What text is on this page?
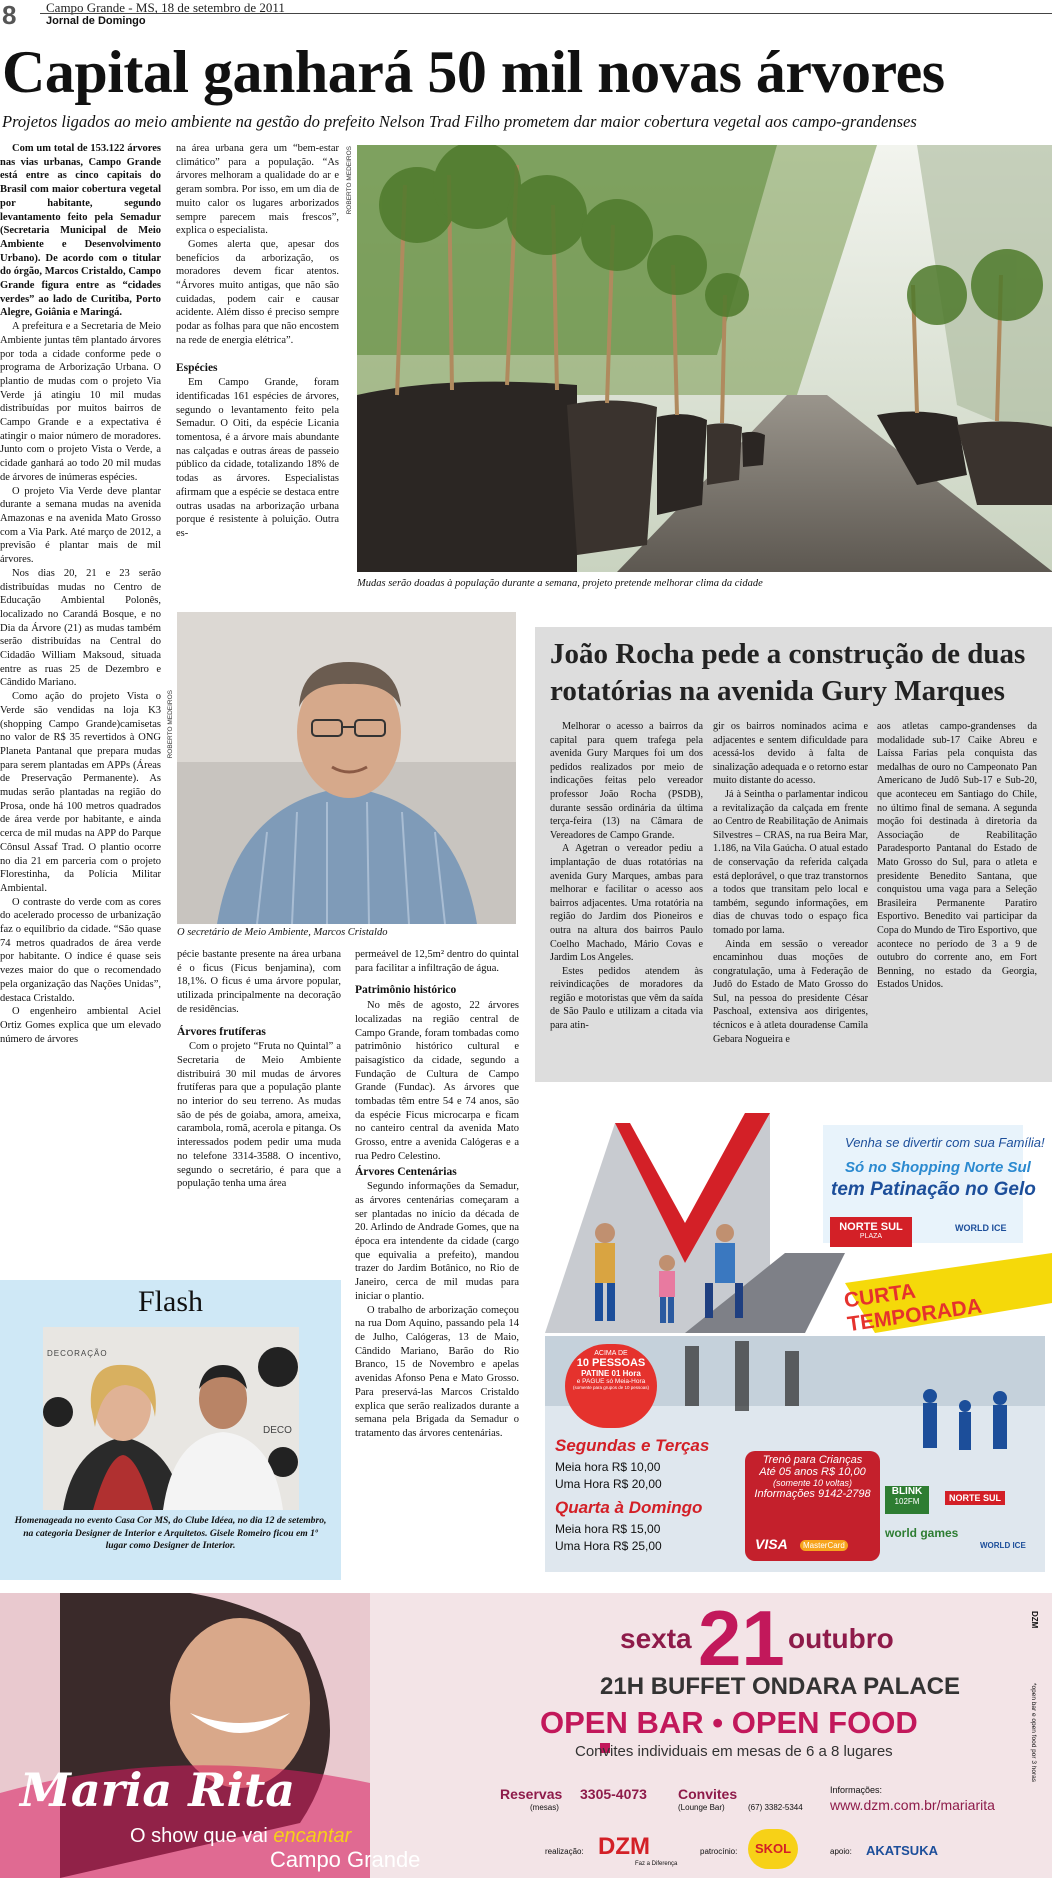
8 Campo Grande - MS, 18 de setembro de 2011
Jornal de Domingo
Capital ganhará 50 mil novas árvores
Projetos ligados ao meio ambiente na gestão do prefeito Nelson Trad Filho prometem dar maior cobertura vegetal aos campo-grandenses

Com um total de 153.122 árvores nas vias urbanas, Campo Grande está entre as cinco capitais do Brasil com maior cobertura vegetal por habitante, segundo levantamento feito pela Semadur (Secretaria Municipal de Meio Ambiente e Desenvolvimento Urbano). De acordo com o titular do órgão, Marcos Cristaldo, Campo Grande figura entre as “cidades verdes” ao lado de Curitiba, Porto Alegre, Goiânia e Maringá.

A prefeitura e a Secretaria de Meio Ambiente juntas têm plantado árvores por toda a cidade conforme pede o programa de Arborização Urbana. O plantio de mudas com o projeto Via Verde já atingiu 10 mil mudas distribuídas por muitos bairros de Campo Grande e a expectativa é atingir o maior número de moradores. Junto com o projeto Vista o Verde, a cidade ganhará ao todo 20 mil mudas de árvores de inúmeras espécies.

O projeto Via Verde deve plantar durante a semana mudas na avenida Amazonas e na avenida Mato Grosso com a Via Park. Até março de 2012, a previsão é plantar mais de mil árvores.

Nos dias 20, 21 e 23 serão distribuídas mudas no Centro de Educação Ambiental Polonês, localizado no Carandá Bosque, e no Dia da Árvore (21) as mudas também serão distribuídas na Central do Cidadão William Maksoud, situada entre as ruas 25 de Dezembro e Cândido Mariano.

Como ação do projeto Vista o Verde são vendidas na loja K3 (shopping Campo Grande)camisetas no valor de R$ 35 revertidos à ONG Planeta Pantanal que prepara mudas para serem plantadas em APPs (Áreas de Preservação Permanente). As mudas serão plantadas na região do Prosa, onde há 100 metros quadrados de área verde por habitante, e ainda cerca de mil mudas na APP do Parque Cônsul Assaf Trad. O plantio ocorre no dia 21 em parceria com o projeto Florestinha, da Polícia Militar Ambiental.

O contraste do verde com as cores do acelerado processo de urbanização faz o equilíbrio da cidade. “São quase 74 metros quadrados de área verde por habitante. O índice é quase seis vezes maior do que o recomendado pela organização das Nações Unidas”, destaca Cristaldo.

O engenheiro ambiental Aciel Ortiz Gomes explica que um elevado número de árvores

na área urbana gera um “bem-estar climático” para a população. “As árvores melhoram a qualidade do ar e geram sombra. Por isso, em um dia de muito calor os lugares arborizados sempre parecem mais frescos”, explica o especialista.

Gomes alerta que, apesar dos benefícios da arborização, os moradores devem ficar atentos. “Árvores muito antigas, que não são cuidadas, podem cair e causar acidente. Além disso é preciso sempre podar as folhas para que não encostem na rede de energia elétrica”.

Espécies

Em Campo Grande, foram identificadas 161 espécies de árvores, segundo o levantamento feito pela Semadur. O Oiti, da espécie Licania tomentosa, é a árvore mais abundante nas calçadas e outras áreas de passeio público da cidade, totalizando 18% de todas as árvores. Especialistas afirmam que a espécie se destaca entre outras usadas na arborização urbana porque é resistente à poluição. Outra es-

ROBERTO MEDEIROS
Mudas serão doadas à população durante a semana, projeto pretende melhorar clima da cidade
ROBERTO MEDEIROS
O secretário de Meio Ambiente, Marcos Cristaldo

pécie bastante presente na área urbana é o ficus (Ficus benjamina), com 18,1%. O ficus é uma árvore popular, utilizada principalmente na decoração de residências.

Árvores frutíferas

Com o projeto “Fruta no Quintal” a Secretaria de Meio Ambiente distribuirá 30 mil mudas de árvores frutíferas para que a população plante no interior do seu terreno. As mudas são de pés de goiaba, amora, ameixa, carambola, romã, acerola e pitanga. Os interessados podem pedir uma muda no telefone 3314-3588. O incentivo, segundo o secretário, é para que a população tenha uma área

permeável de 12,5m² dentro do quintal para facilitar a infiltração de água.

Patrimônio histórico

No mês de agosto, 22 árvores localizadas na região central de Campo Grande, foram tombadas como patrimônio histórico cultural e paisagístico da cidade, segundo a Fundação de Cultura de Campo Grande (Fundac). As árvores que tombadas têm entre 54 e 74 anos, são da espécie Ficus microcarpa e ficam no canteiro central da avenida Mato Grosso, entre a avenida Calógeras e a rua Pedro Celestino.

Árvores Centenárias

Segundo informações da Semadur, as árvores centenárias começaram a ser plantadas no início da década de 20. Arlindo de Andrade Gomes, que na época era intendente da cidade (cargo que equivalia a prefeito), mandou trazer do Jardim Botânico, no Rio de Janeiro, cerca de mil mudas para iniciar o plantio.

O trabalho de arborização começou na rua Dom Aquino, passando pela 14 de Julho, Calógeras, 13 de Maio, Cândido Mariano, Barão do Rio Branco, 15 de Novembro e apelas avenidas Afonso Pena e Mato Grosso. Para preservá-las Marcos Cristaldo explica que serão realizados durante a semana pela Brigada da Semadur o tratamento das árvores centenárias.

João Rocha pede a construção de duas rotatórias na avenida Gury Marques

Melhorar o acesso a bairros da capital para quem trafega pela avenida Gury Marques foi um dos pedidos realizados por meio de indicações feitas pelo vereador professor João Rocha (PSDB), durante sessão ordinária da última terça-feira (13) na Câmara de Vereadores de Campo Grande.

A Agetran o vereador pediu a implantação de duas rotatórias na avenida Gury Marques, ambas para melhorar e facilitar o acesso aos bairros adjacentes. Uma rotatória na região do Jardim dos Pioneiros e outra na altura dos bairros Paulo Coelho Machado, Mário Covas e Jardim Los Angeles.

Estes pedidos atendem às reivindicações de moradores da região e motoristas que vêm da saída de São Paulo e utilizam a citada via para atin-

gir os bairros nominados acima e adjacentes e sentem dificuldade para acessá-los devido à falta de sinalização adequada e o retorno estar muito distante do acesso.

Já à Seintha o parlamentar indicou a revitalização da calçada em frente ao Centro de Reabilitação de Animais Silvestres – CRAS, na rua Beira Mar, 1.186, na Vila Gaúcha. O atual estado de conservação da referida calçada está deplorável, o que traz transtornos a todos que transitam pelo local e também, segundo informações, em dias de chuvas todo o espaço fica tomado por lama.

Ainda em sessão o vereador encaminhou duas moções de congratulação, uma à Federação de Judô do Estado de Mato Grosso do Sul, na pessoa do presidente César Paschoal, extensiva aos dirigentes, técnicos e à atleta douradense Camila Gebara Nogueira e

aos atletas campo-grandenses da modalidade sub-17 Caike Abreu e Laíssa Farias pela conquista das medalhas de ouro no Campeonato Pan Americano de Judô Sub-17 e Sub-20, que aconteceu em Santiago do Chile, no último final de semana. A segunda moção foi destinada à diretoria da Associação de Reabilitação Paradesporto Pantanal do Estado de Mato Grosso do Sul, para o atleta e presidente Benedito Santana, que conquistou uma vaga para a Seleção Brasileira Permanente Paratiro Esportivo. Benedito vai participar da Copa do Mundo de Tiro Esportivo, que acontece no período de 3 a 9 de outubro do corrente ano, em Fort Benning, no estado da Georgia, Estados Unidos.

Flash
DECORAÇÃO
DECO
Homenageada no evento Casa Cor MS, do Clube Idéea, no dia 12 de setembro, na categoria Designer de Interior e Arquitetos. Gisele Romeiro ficou em 1º lugar como Designer de Interior.
Venha se divertir com sua Família!
Só no Shopping Norte Sul
tem Patinação no Gelo
NORTE SUL
PLAZA
WORLD ICE
CURTA TEMPORADA
ACIMA DE
10 PESSOAS
PATINE 01 Hora
e PAGUE só Meia-Hora
(somente para grupos de 10 pessoas)
Segundas e Terças
Meia hora R$ 10,00
Uma Hora R$ 20,00
Quarta à Domingo
Meia hora R$ 15,00
Uma Hora R$ 25,00
Trenó para Crianças
Até 05 anos R$ 10,00
(somente 10 voltas)
Informações 9142-2798
VISA	MasterCard
BLINK
102FM
world games
NORTE SUL
WORLD ICE
sexta 21 outubro
21H BUFFET ONDARA PALACE
OPEN BAR • OPEN FOOD
Convites individuais em mesas de 6 a 8 lugares
Reservas
(mesas)
3305-4073 Convites
(Lounge Bar)	(67) 3382-5344
Informações:
www.dzm.com.br/mariarita
realização: DZM
Faz a Diferença
patrocínio:	SKOL	apoio: AKATSUKA
DZM
*open bar e open food por 3 horas
Maria Rita
O show que vai encantar
Campo Grande
